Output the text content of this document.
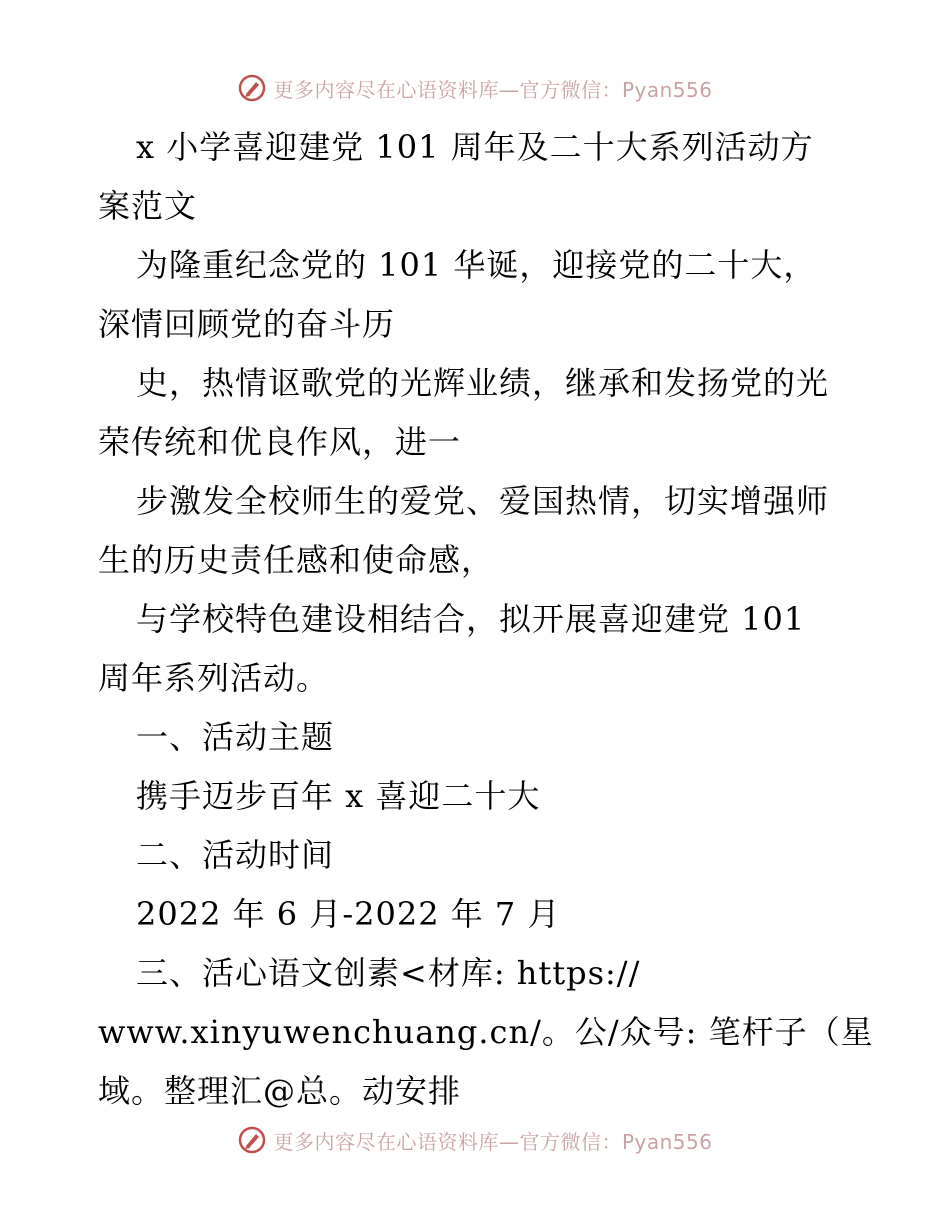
更多内容尽在心语资料库—官方微信：Pyan556
x 小学喜迎建党 101 周年及二十大系列活动方
案范文
为隆重纪念党的 101 华诞，迎接党的二十大，
深情回顾党的奋斗历
史，热情讴歌党的光辉业绩，继承和发扬党的光
荣传统和优良作风，进一
步激发全校师生的爱党、爱国热情，切实增强师
生的历史责任感和使命感，
与学校特色建设相结合，拟开展喜迎建党 101
周年系列活动。
一、活动主题
携手迈步百年 x 喜迎二十大
二、活动时间
2022 年 6 月-2022 年 7 月
三、活心语文创素<材库: https://
www.xinyuwenchuang.cn/。公/众号: 笔杆子（星
域。整理汇@总。动安排
更多内容尽在心语资料库—官方微信：Pyan556
